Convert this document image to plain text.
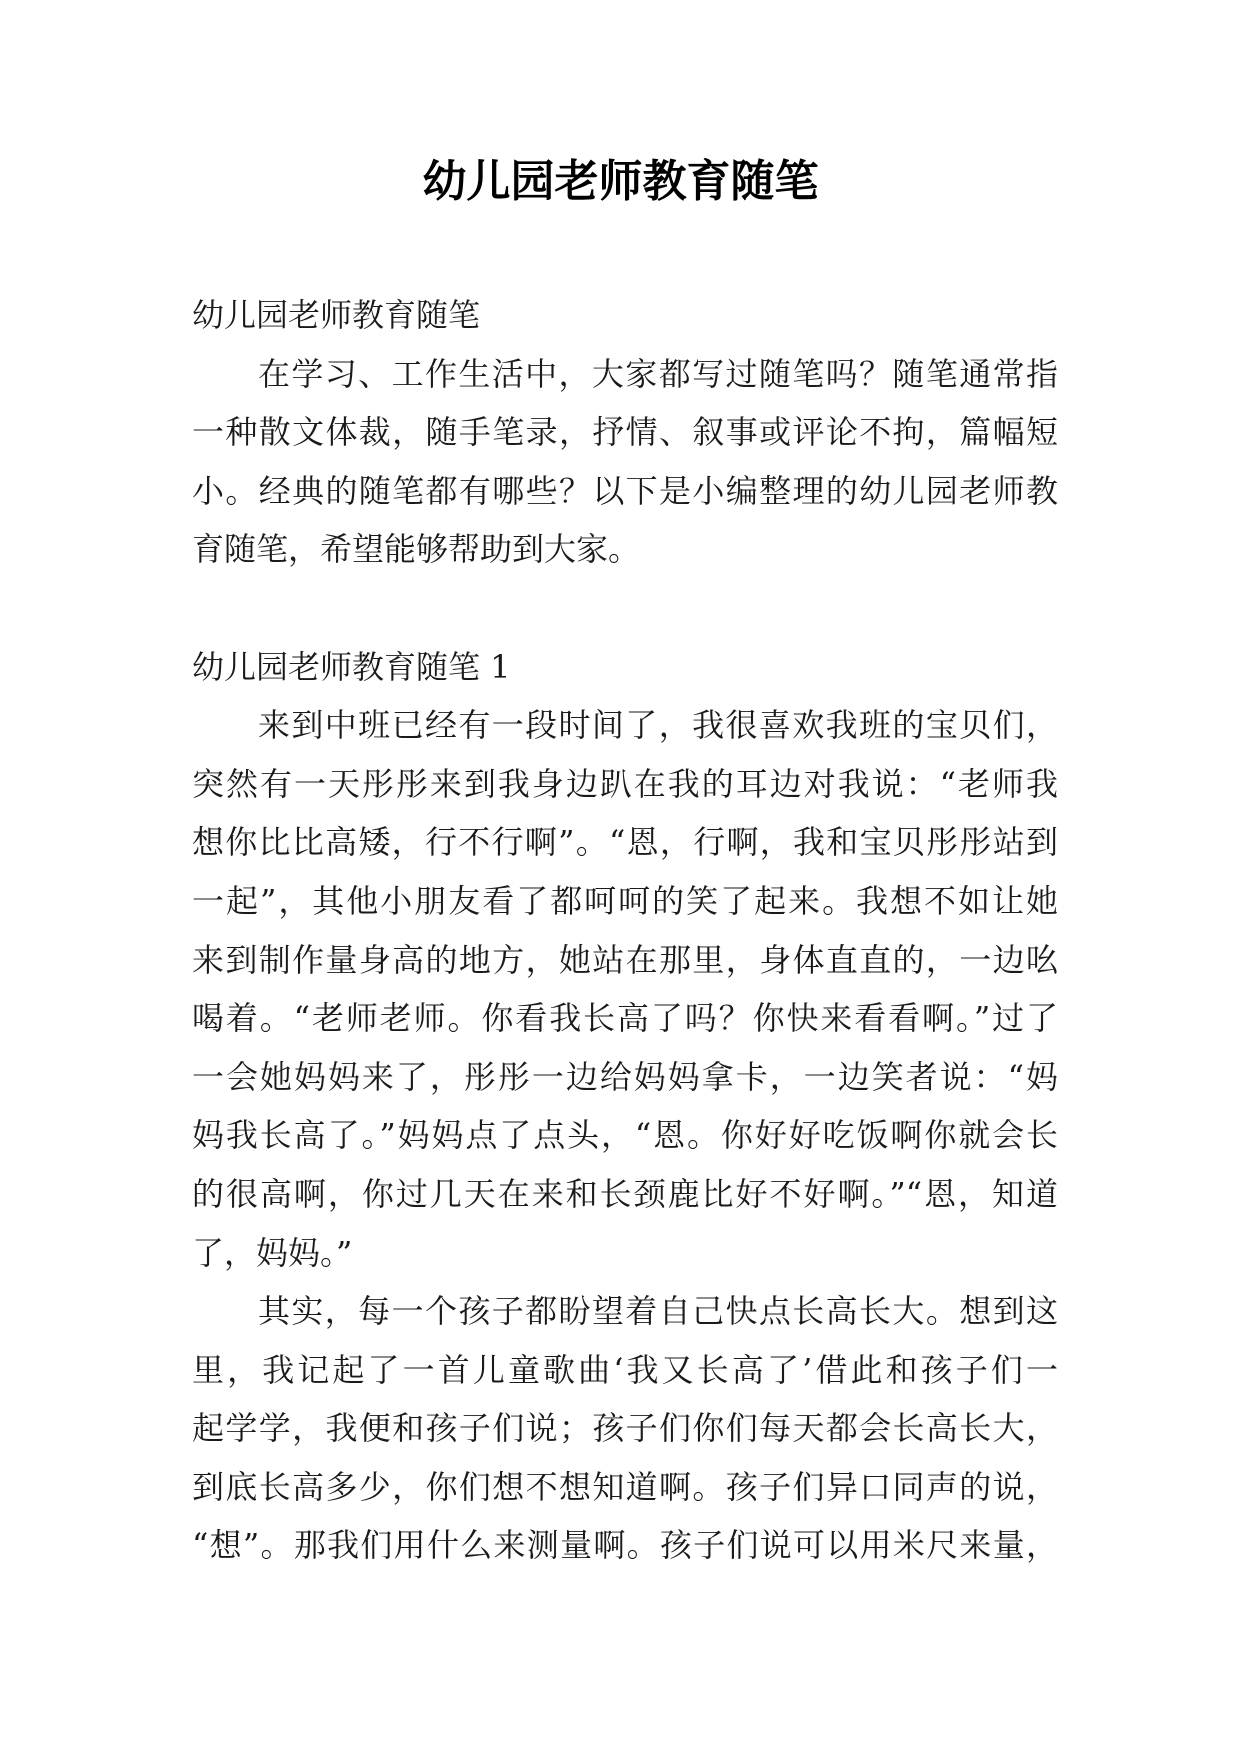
幼儿园老师教育随笔
幼儿园老师教育随笔
在学习、工作生活中，大家都写过随笔吗？随笔通常指
一种散文体裁，随手笔录，抒情、叙事或评论不拘，篇幅短
小。经典的随笔都有哪些？以下是小编整理的幼儿园老师教
育随笔，希望能够帮助到大家。
幼儿园老师教育随笔 1
来到中班已经有一段时间了，我很喜欢我班的宝贝们，
突然有一天彤彤来到我身边趴在我的耳边对我说：“老师我
想你比比高矮，行不行啊”。“恩，行啊，我和宝贝彤彤站到
一起”，其他小朋友看了都呵呵的笑了起来。我想不如让她
来到制作量身高的地方，她站在那里，身体直直的，一边吆
喝着。“老师老师。你看我长高了吗？你快来看看啊。”过了
一会她妈妈来了，彤彤一边给妈妈拿卡，一边笑者说：“妈
妈我长高了。”妈妈点了点头，“恩。你好好吃饭啊你就会长
的很高啊，你过几天在来和长颈鹿比好不好啊。”“恩，知道
了，妈妈。”
其实，每一个孩子都盼望着自己快点长高长大。想到这
里，我记起了一首儿童歌曲‘我又长高了’借此和孩子们一
起学学，我便和孩子们说；孩子们你们每天都会长高长大，
到底长高多少，你们想不想知道啊。孩子们异口同声的说，
“想”。那我们用什么来测量啊。孩子们说可以用米尺来量，
